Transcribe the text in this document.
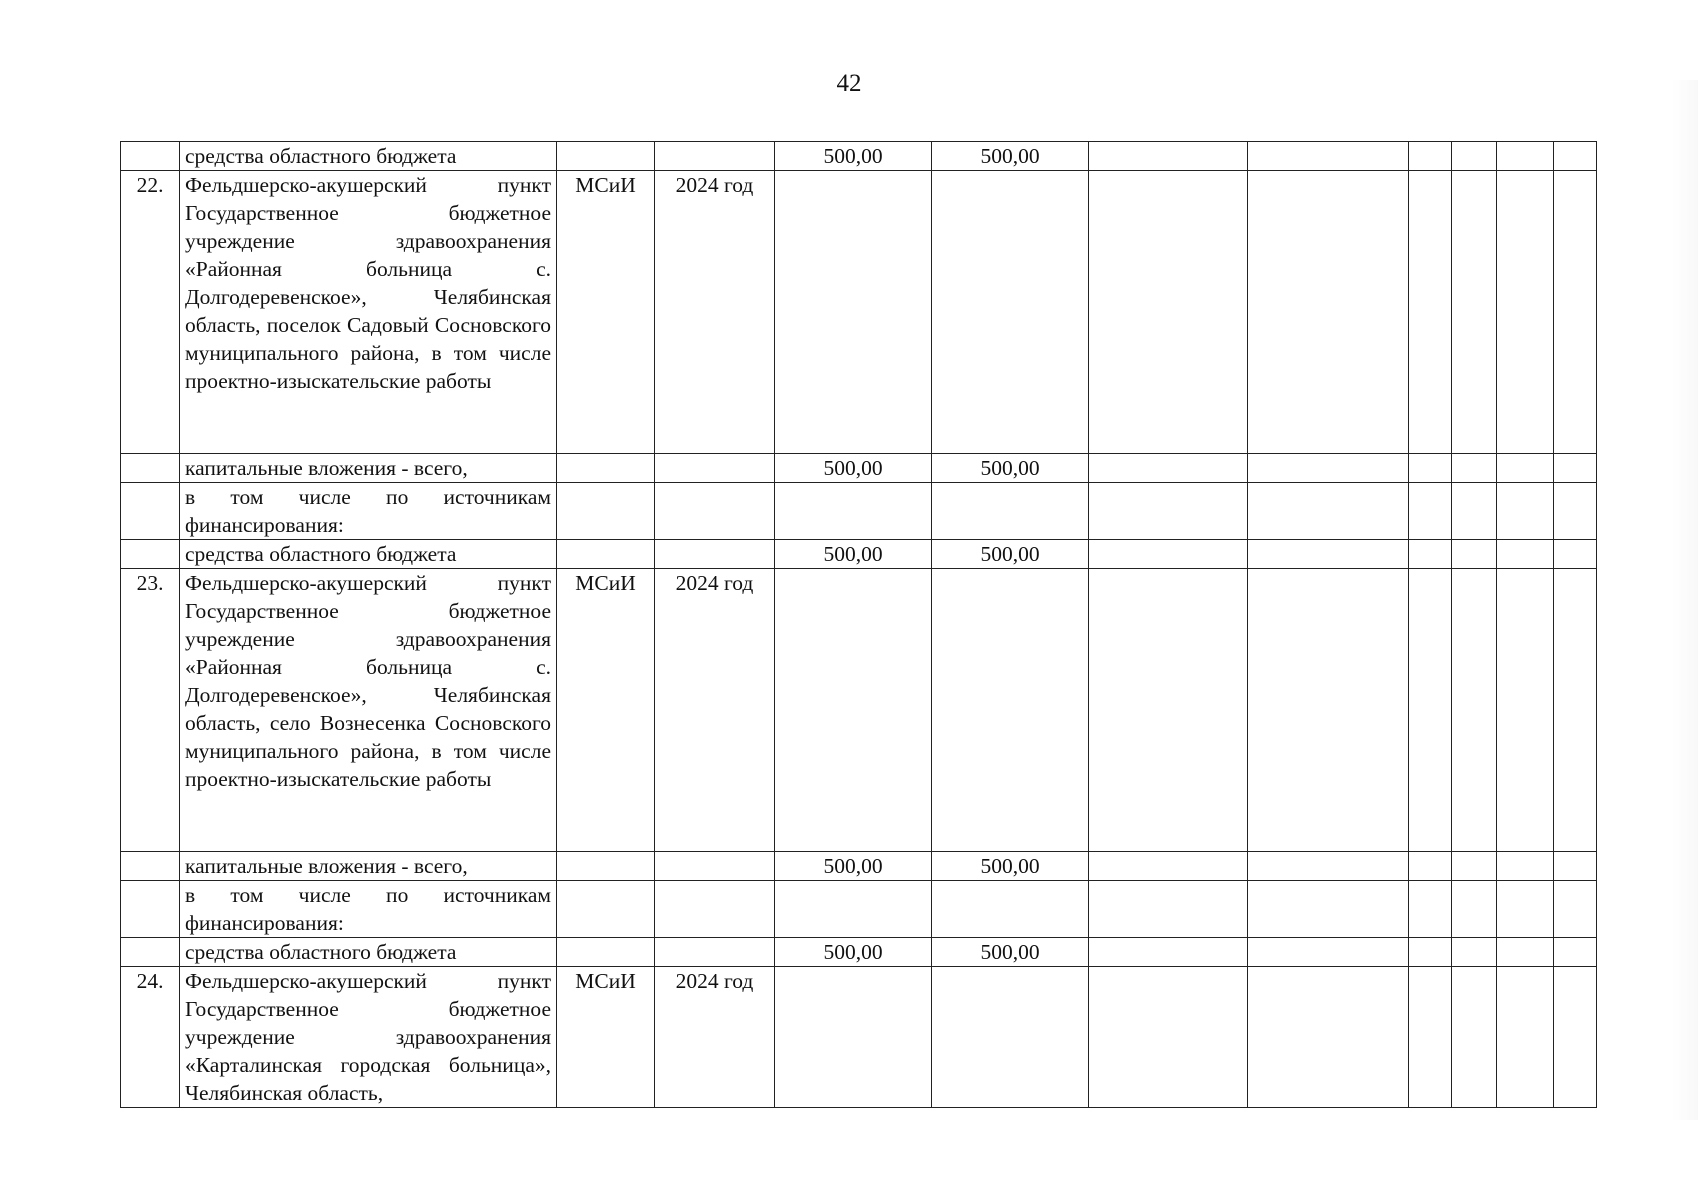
42
	средства областного бюджета			500,00	500,00						
22.	Фельдшерско-акушерский пункт Государственное бюджетное учреждение здравоохранения «Районная больница с. Долгодеревенское», Челябинская область, поселок Садовый Сосновского муниципального района, в том числе проектно-изыскательские работы	МСиИ	2024 год								
	капитальные вложения - всего,			500,00	500,00						
	в том числе по источникам финансирования:										
	средства областного бюджета			500,00	500,00						
23.	Фельдшерско-акушерский пункт Государственное бюджетное учреждение здравоохранения «Районная больница с. Долгодеревенское», Челябинская область, село Вознесенка Сосновского муниципального района, в том числе проектно-изыскательские работы	МСиИ	2024 год								
	капитальные вложения - всего,			500,00	500,00						
	в том числе по источникам финансирования:										
	средства областного бюджета			500,00	500,00						
24.	Фельдшерско-акушерский пункт Государственное бюджетное учреждение здравоохранения «Карталинская городская больница», Челябинская область,	МСиИ	2024 год								
